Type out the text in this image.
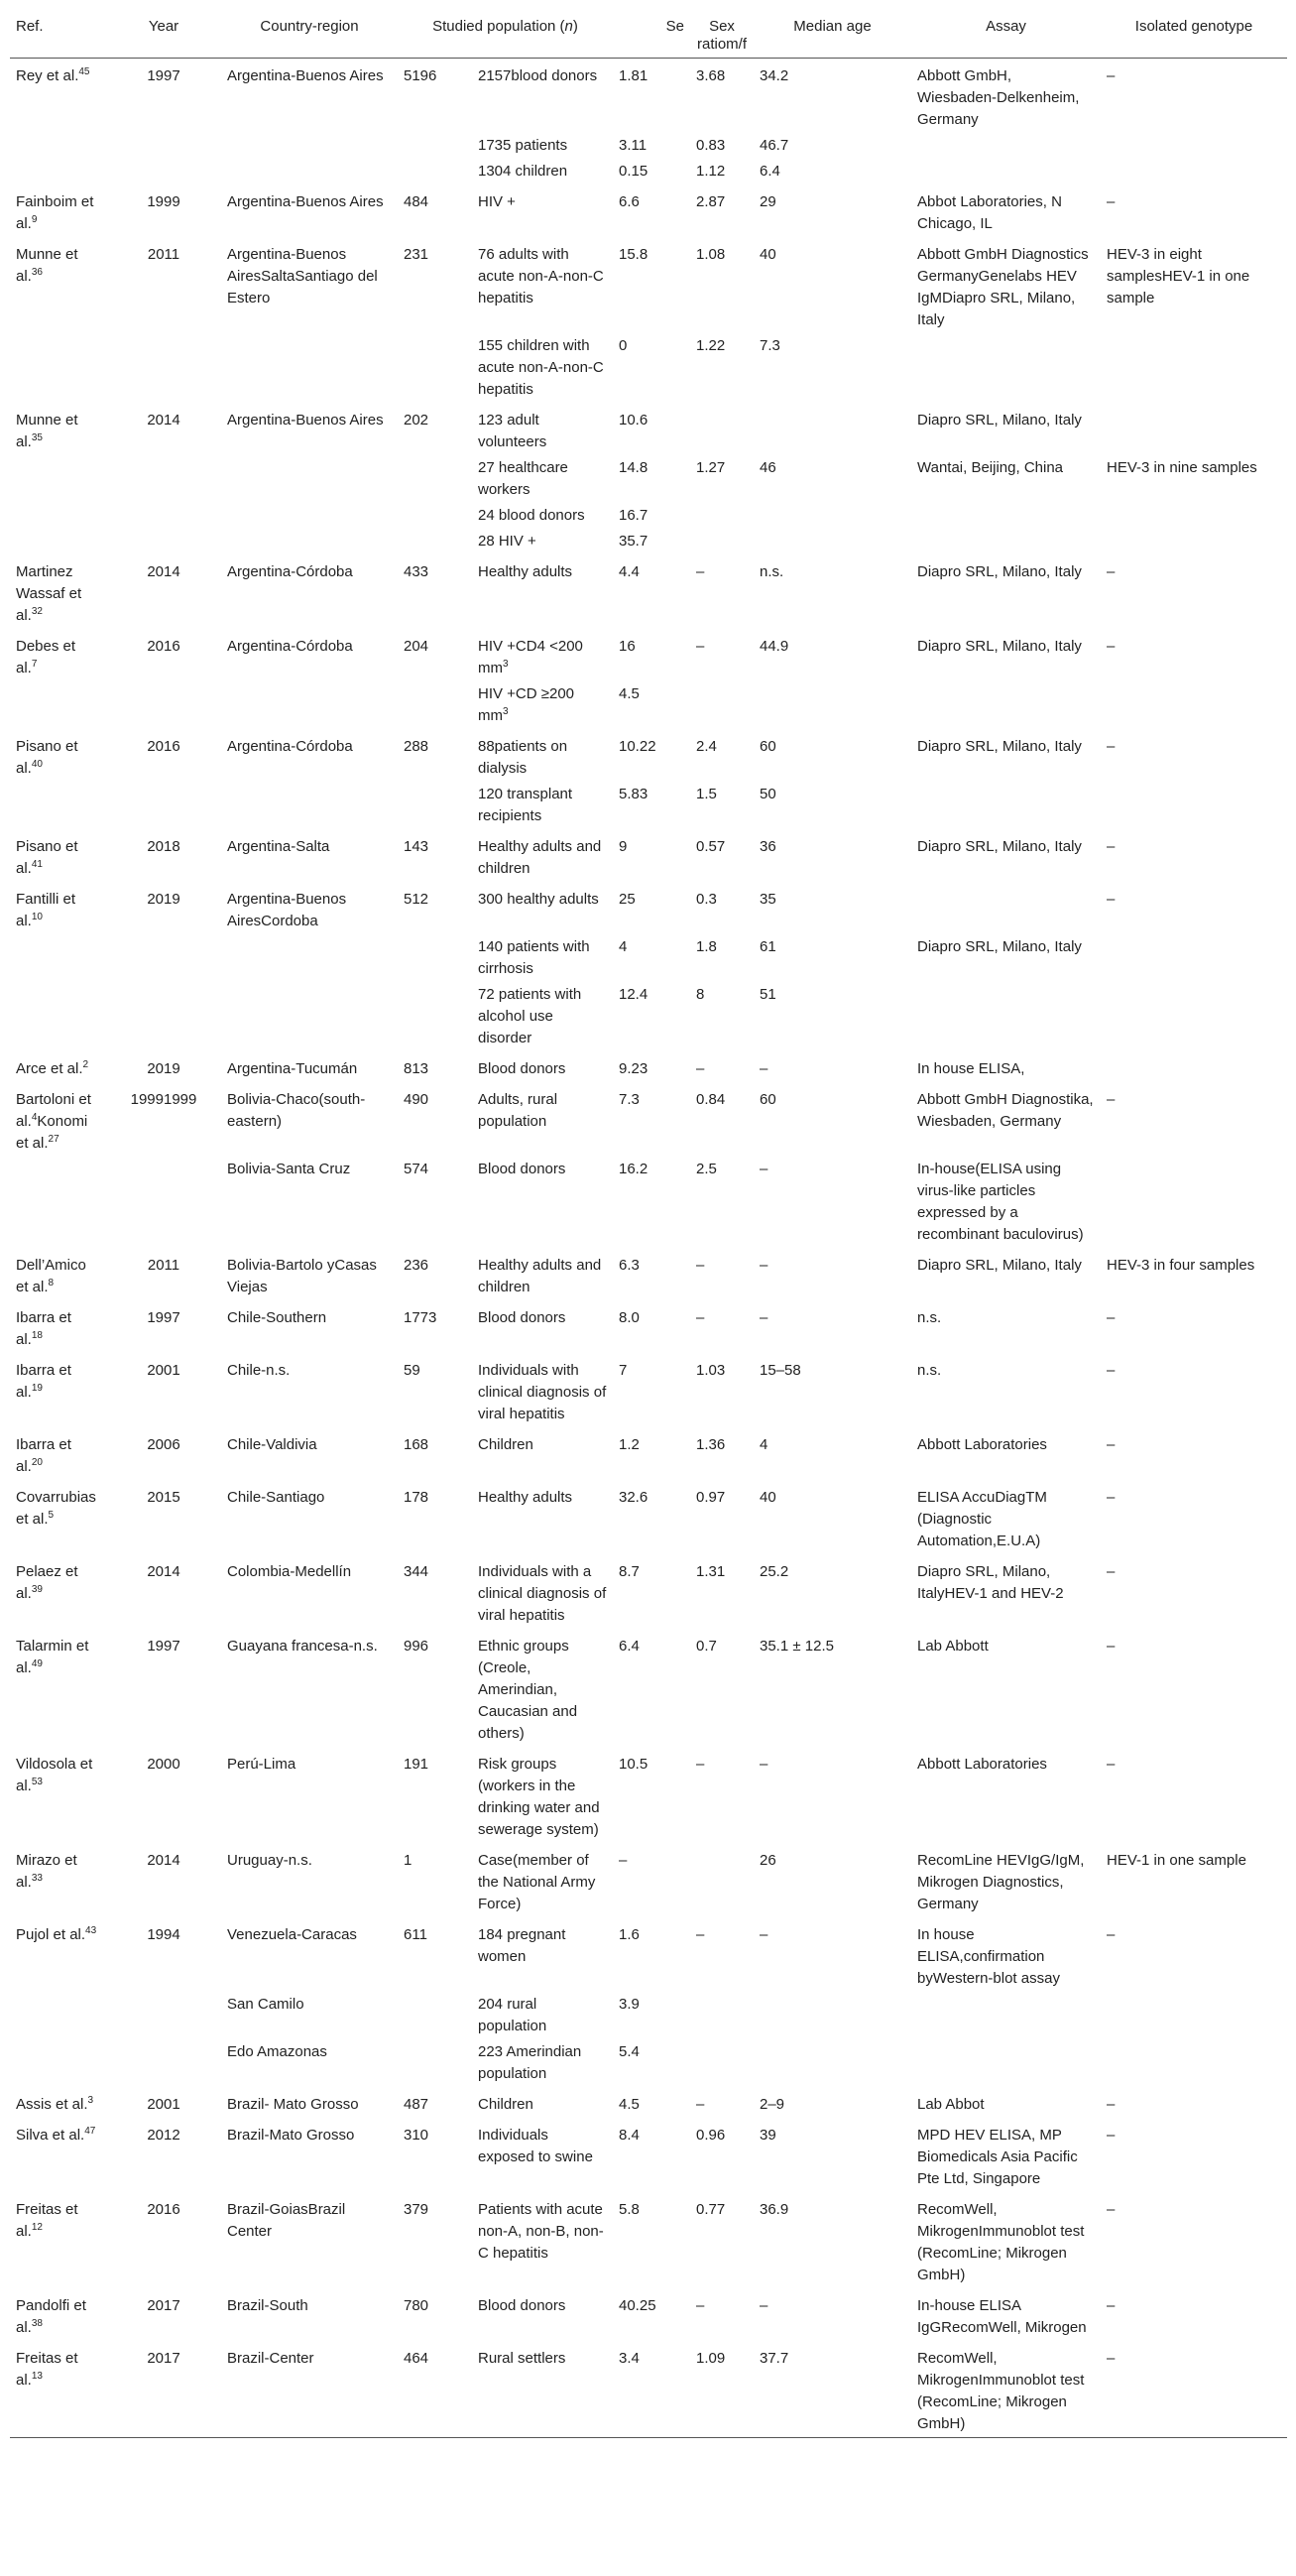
Ref.	Year	Country-region	Studied population (n)		Se	Sex ratiom/f	Median age	Assay	Isolated genotype
Rey et al.$^{45}$	1997	Argentina-Buenos Aires	5196	2157blood donors	1.81	3.68	34.2	Abbott GmbH, Wiesbaden-Delkenheim, Germany	–
				1735 patients	3.11	0.83	46.7		
				1304 children	0.15	1.12	6.4		
Fainboim et al.$^9$	1999	Argentina-Buenos Aires	484	HIV +	6.6	2.87	29	Abbot Laboratories, N Chicago, IL	–
Munne et al.$^{36}$	2011	Argentina-Buenos AiresSaltaSantiago del Estero	231	76 adults with acute non-A-non-C hepatitis	15.8	1.08	40	Abbott GmbH Diagnostics GermanyGenelabs HEV IgMDiapro SRL, Milano, Italy	HEV-3 in eight samplesHEV-1 in one sample
				155 children with acute non-A-non-C hepatitis	0	1.22	7.3		
Munne et al.$^{35}$	2014	Argentina-Buenos Aires	202	123 adult volunteers	10.6			Diapro SRL, Milano, Italy	
				27 healthcare workers	14.8	1.27	46	Wantai, Beijing, China	HEV-3 in nine samples
				24 blood donors	16.7				
				28 HIV +	35.7				
Martinez Wassaf et al.$^{32}$	2014	Argentina-Córdoba	433	Healthy adults	4.4	–	n.s.	Diapro SRL, Milano, Italy	–
Debes et al.$^7$	2016	Argentina-Córdoba	204	HIV +CD4 <200 $mm^3$	16	–	44.9	Diapro SRL, Milano, Italy	–
				HIV +CD ≥200 $mm^3$	4.5				
Pisano et al.$^{40}$	2016	Argentina-Córdoba	288	88patients on dialysis	10.22	2.4	60	Diapro SRL, Milano, Italy	–
				120 transplant recipients	5.83	1.5	50		
Pisano et al.$^{41}$	2018	Argentina-Salta	143	Healthy adults and children	9	0.57	36	Diapro SRL, Milano, Italy	–
Fantilli et al.$^{10}$	2019	Argentina-Buenos AiresCordoba	512	300 healthy adults	25	0.3	35		–
				140 patients with cirrhosis	4	1.8	61	Diapro SRL, Milano, Italy	
				72 patients with alcohol use disorder	12.4	8	51		
Arce et al.$^2$	2019	Argentina-Tucumán	813	Blood donors	9.23	–	–	In house ELISA,	
Bartoloni et al.$^4$Konomi et al.$^{27}$	19991999	Bolivia-Chaco(south-eastern)	490	Adults, rural population	7.3	0.84	60	Abbott GmbH Diagnostika, Wiesbaden, Germany	–
		Bolivia-Santa Cruz	574	Blood donors	16.2	2.5	–	In-house(ELISA using virus-like particles expressed by a recombinant baculovirus)	
Dell’Amico et al.$^8$	2011	Bolivia-Bartolo yCasas Viejas	236	Healthy adults and children	6.3	–	–	Diapro SRL, Milano, Italy	HEV-3 in four samples
Ibarra et al.$^{18}$	1997	Chile-Southern	1773	Blood donors	8.0	–	–	n.s.	–
Ibarra et al.$^{19}$	2001	Chile-n.s.	59	Individuals with clinical diagnosis of viral hepatitis	7	1.03	15–58	n.s.	–
Ibarra et al.$^{20}$	2006	Chile-Valdivia	168	Children	1.2	1.36	4	Abbott Laboratories	–
Covarrubias et al.$^5$	2015	Chile-Santiago	178	Healthy adults	32.6	0.97	40	ELISA AccuDiagTM (Diagnostic Automation,E.U.A)	–
Pelaez et al.$^{39}$	2014	Colombia-Medellín	344	Individuals with a clinical diagnosis of viral hepatitis	8.7	1.31	25.2	Diapro SRL, Milano, ItalyHEV-1 and HEV-2	–
Talarmin et al.$^{49}$	1997	Guayana francesa-n.s.	996	Ethnic groups (Creole, Amerindian, Caucasian and others)	6.4	0.7	35.1 ± 12.5	Lab Abbott	–
Vildosola et al.$^{53}$	2000	Perú-Lima	191	Risk groups (workers in the drinking water and sewerage system)	10.5	–	–	Abbott Laboratories	–
Mirazo et al.$^{33}$	2014	Uruguay-n.s.	1	Case(member of the National Army Force)	–		26	RecomLine HEVIgG/IgM, Mikrogen Diagnostics, Germany	HEV-1 in one sample
Pujol et al.$^{43}$	1994	Venezuela-Caracas	611	184 pregnant women	1.6	–	–	In house ELISA,confirmation byWestern-blot assay	–
		San Camilo		204 rural population	3.9				
		Edo Amazonas		223 Amerindian population	5.4				
Assis et al.$^3$	2001	Brazil- Mato Grosso	487	Children	4.5	–	2–9	Lab Abbot	–
Silva et al.$^{47}$	2012	Brazil-Mato Grosso	310	Individuals exposed to swine	8.4	0.96	39	MPD HEV ELISA, MP Biomedicals Asia Pacific Pte Ltd, Singapore	–
Freitas et al.$^{12}$	2016	Brazil-GoiasBrazil Center	379	Patients with acute non-A, non-B, non-C hepatitis	5.8	0.77	36.9	RecomWell, MikrogenImmunoblot test (RecomLine; Mikrogen GmbH)	–
Pandolfi et al.$^{38}$	2017	Brazil-South	780	Blood donors	40.25	–	–	In-house ELISA IgGRecomWell, Mikrogen	–
Freitas et al.$^{13}$	2017	Brazil-Center	464	Rural settlers	3.4	1.09	37.7	RecomWell, MikrogenImmunoblot test (RecomLine; Mikrogen GmbH)	–
